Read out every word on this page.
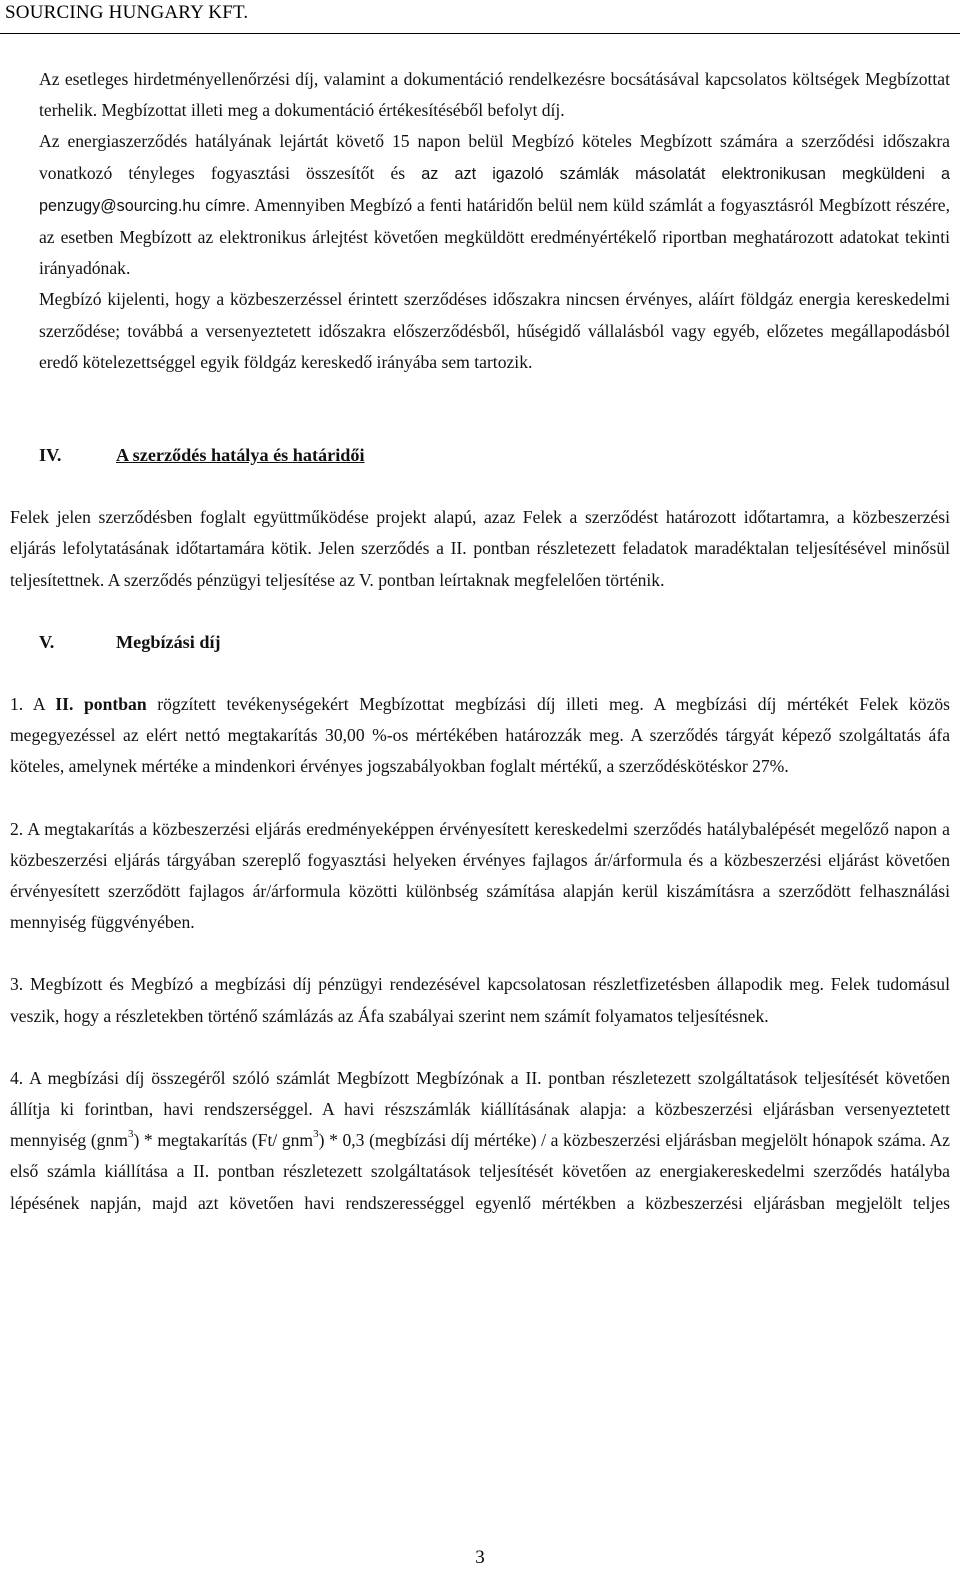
SOURCING HUNGARY KFT.

Az esetleges hirdetményellenőrzési díj, valamint a dokumentáció rendelkezésre bocsátásával kapcsolatos költségek Megbízottat terhelik. Megbízottat illeti meg a dokumentáció értékesítéséből befolyt díj.

Az energiaszerződés hatályának lejártát követő 15 napon belül Megbízó köteles Megbízott számára a szerződési időszakra vonatkozó tényleges fogyasztási összesítőt és az azt igazoló számlák másolatát elektronikusan megküldeni a penzugy@sourcing.hu címre. Amennyiben Megbízó a fenti határidőn belül nem küld számlát a fogyasztásról Megbízott részére, az esetben Megbízott az elektronikus árlejtést követően megküldött eredményértékelő riportban meghatározott adatokat tekinti irányadónak.

Megbízó kijelenti, hogy a közbeszerzéssel érintett szerződéses időszakra nincsen érvényes, aláírt földgáz energia kereskedelmi szerződése; továbbá a versenyeztetett időszakra előszerződésből, hűségidő vállalásból vagy egyéb, előzetes megállapodásból eredő kötelezettséggel egyik földgáz kereskedő irányába sem tartozik.

IV.	A szerződés hatálya és határidői

Felek jelen szerződésben foglalt együttműködése projekt alapú, azaz Felek a szerződést határozott időtartamra, a közbeszerzési eljárás lefolytatásának időtartamára kötik. Jelen szerződés a II. pontban részletezett feladatok maradéktalan teljesítésével minősül teljesítettnek. A szerződés pénzügyi teljesítése az V. pontban leírtaknak megfelelően történik.

V.	Megbízási díj

1. A II. pontban rögzített tevékenységekért Megbízottat megbízási díj illeti meg. A megbízási díj mértékét Felek közös megegyezéssel az elért nettó megtakarítás 30,00 %-os mértékében határozzák meg. A szerződés tárgyát képező szolgáltatás áfa köteles, amelynek mértéke a mindenkori érvényes jogszabályokban foglalt mértékű, a szerződéskötéskor 27%.

2. A megtakarítás a közbeszerzési eljárás eredményeképpen érvényesített kereskedelmi szerződés hatálybalépését megelőző napon a közbeszerzési eljárás tárgyában szereplő fogyasztási helyeken érvényes fajlagos ár/árformula és a közbeszerzési eljárást követően érvényesített szerződött fajlagos ár/árformula közötti különbség számítása alapján kerül kiszámításra a szerződött felhasználási mennyiség függvényében.

3. Megbízott és Megbízó a megbízási díj pénzügyi rendezésével kapcsolatosan részletfizetésben állapodik meg. Felek tudomásul veszik, hogy a részletekben történő számlázás az Áfa szabályai szerint nem számít folyamatos teljesítésnek.

4. A megbízási díj összegéről szóló számlát Megbízott Megbízónak a II. pontban részletezett szolgáltatások teljesítését követően állítja ki forintban, havi rendszerséggel. A havi részszámlák kiállításának alapja: a közbeszerzési eljárásban versenyeztetett mennyiség (gnm$^3$) * megtakarítás (Ft/ gnm$^3$) * 0,3 (megbízási díj mértéke) / a közbeszerzési eljárásban megjelölt hónapok száma. Az első számla kiállítása a II. pontban részletezett szolgáltatások teljesítését követően az energiakereskedelmi szerződés hatályba lépésének napján, majd azt követően havi rendszerességgel egyenlő mértékben a közbeszerzési eljárásban megjelölt teljes

3
